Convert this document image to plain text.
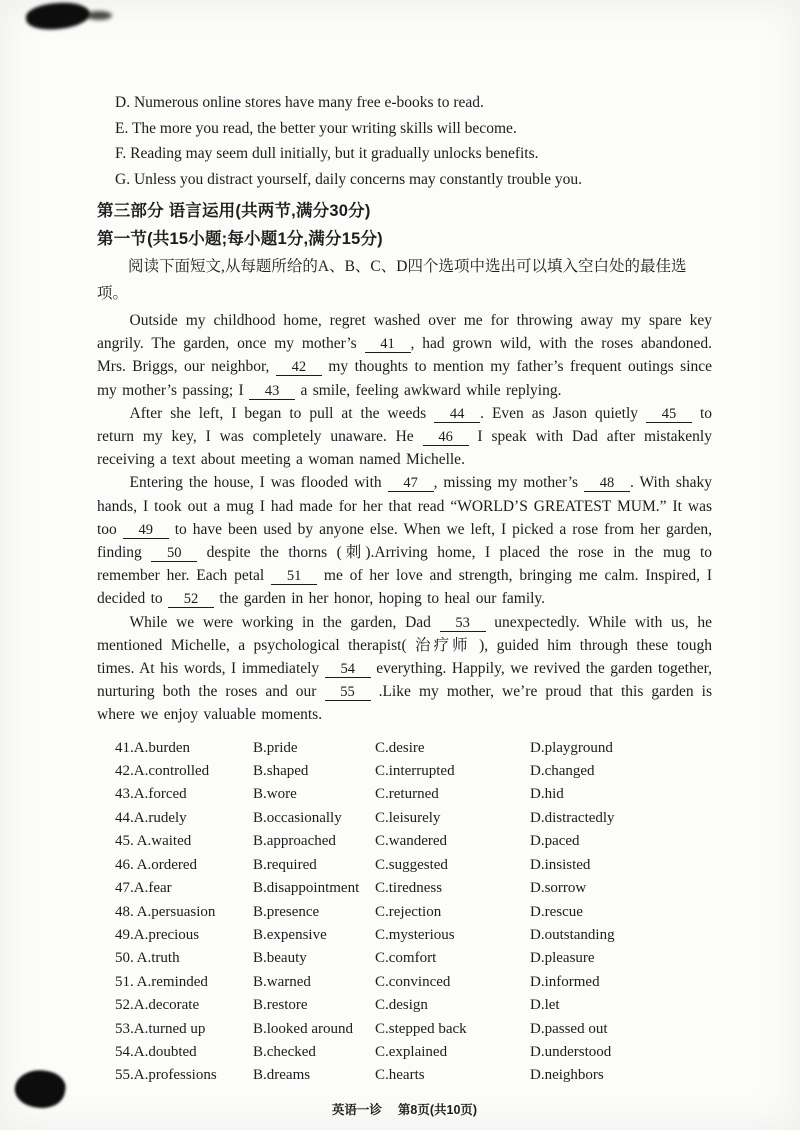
D. Numerous online stores have many free e-books to read.
E. The more you read, the better your writing skills will become.
F. Reading may seem dull initially, but it gradually unlocks benefits.
G. Unless you distract yourself, daily concerns may constantly trouble you.

第三部分 语言运用(共两节,满分30分)

第一节(共15小题;每小题1分,满分15分)

阅读下面短文,从每题所给的A、B、C、D四个选项中选出可以填入空白处的最佳选项。

Outside my childhood home, regret washed over me for throwing away my spare key angrily. The garden, once my mother’s 41 , had grown wild, with the roses abandoned. Mrs. Briggs, our neighbor, 42 my thoughts to mention my father’s frequent outings since my mother’s passing; I 43 a smile, feeling awkward while replying.

After she left, I began to pull at the weeds 44 . Even as Jason quietly 45 to return my key, I was completely unaware. He 46 I speak with Dad after mistakenly receiving a text about meeting a woman named Michelle.

Entering the house, I was flooded with 47 , missing my mother’s 48 . With shaky hands, I took out a mug I had made for her that read “WORLD’S GREATEST MUM.” It was too 49 to have been used by anyone else. When we left, I picked a rose from her garden, finding 50 despite the thorns (刺).Arriving home, I placed the rose in the mug to remember her. Each petal 51 me of her love and strength, bringing me calm. Inspired, I decided to 52 the garden in her honor, hoping to heal our family.

While we were working in the garden, Dad 53 unexpectedly. While with us, he mentioned Michelle, a psychological therapist( 治疗师 ), guided him through these tough times. At his words, I immediately 54 everything. Happily, we revived the garden together, nurturing both the roses and our 55 .Like my mother, we’re proud that this garden is where we enjoy valuable moments.

41.A.burden	B.pride	C.desire	D.playground
42.A.controlled	B.shaped	C.interrupted	D.changed
43.A.forced	B.wore	C.returned	D.hid
44.A.rudely	B.occasionally	C.leisurely	D.distractedly
45. A.waited	B.approached	C.wandered	D.paced
46. A.ordered	B.required	C.suggested	D.insisted
47.A.fear	B.disappointment	C.tiredness	D.sorrow
48. A.persuasion	B.presence	C.rejection	D.rescue
49.A.precious	B.expensive	C.mysterious	D.outstanding
50. A.truth	B.beauty	C.comfort	D.pleasure
51. A.reminded	B.warned	C.convinced	D.informed
52.A.decorate	B.restore	C.design	D.let
53.A.turned up	B.looked around	C.stepped back	D.passed out
54.A.doubted	B.checked	C.explained	D.understood
55.A.professions	B.dreams	C.hearts	D.neighbors
英语一诊 第8页(共10页)
